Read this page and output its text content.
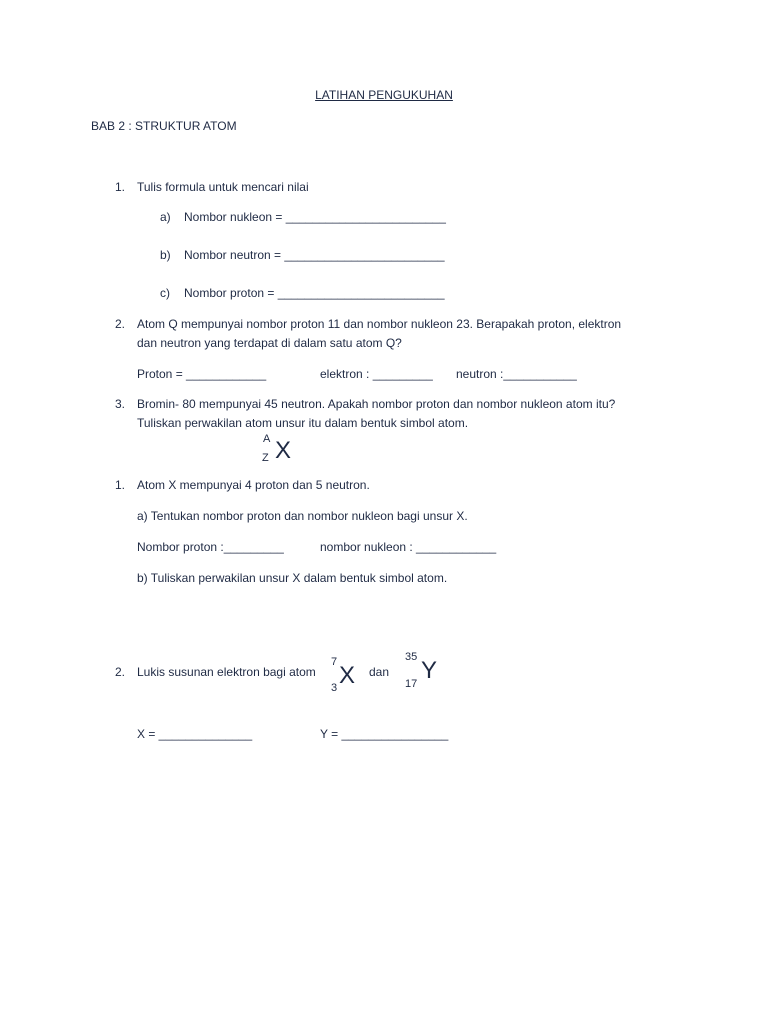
LATIHAN PENGUKUHAN
BAB 2 : STRUKTUR ATOM
1. Tulis formula untuk mencari nilai
a) Nombor nukleon = ________________________
b) Nombor neutron = ________________________
c) Nombor proton = _________________________
2. Atom Q mempunyai nombor proton 11 dan nombor nukleon 23. Berapakah proton, elektron
dan neutron yang terdapat di dalam satu atom Q?
Proton = ____________	elektron : _________ neutron :___________
3. Bromin- 80 mempunyai 45 neutron. Apakah nombor proton dan nombor nukleon atom itu?
Tuliskan perwakilan atom unsur itu dalam bentuk simbol atom.
A
Z X
1. Atom X mempunyai 4 proton dan 5 neutron.
a) Tentukan nombor proton dan nombor nukleon bagi unsur X.
Nombor proton :_________	nombor nukleon : ____________
b) Tuliskan perwakilan unsur X dalam bentuk simbol atom.
2. Lukis susunan elektron bagi atom
7
3 X dan
35
17 Y
X = ______________	Y = ________________
